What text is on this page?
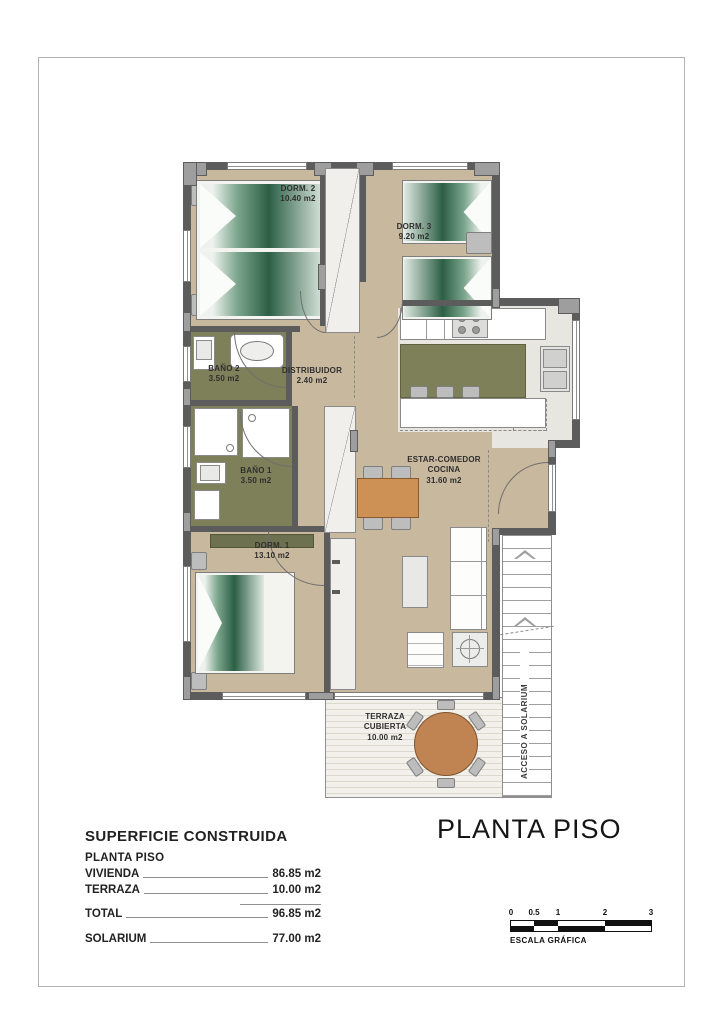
ACCESO A SOLARIUM
DORM. 2
10.40 m2
DORM. 3
9.20 m2
BAÑO 2
3.50 m2
DISTRIBUIDOR
2.40 m2
BAÑO 1
3.50 m2
DORM. 1
13.10 m2
ESTAR-COMEDOR
COCINA
31.60 m2
TERRAZA
CUBIERTA
10.00 m2
SUPERFICIE CONSTRUIDA
PLANTA PISO
VIVIENDA	86.85 m2
TERRAZA	10.00 m2
TOTAL	96.85 m2
SOLARIUM	77.00 m2
PLANTA PISO
0 0.5 1	2	3
ESCALA GRÁFICA
